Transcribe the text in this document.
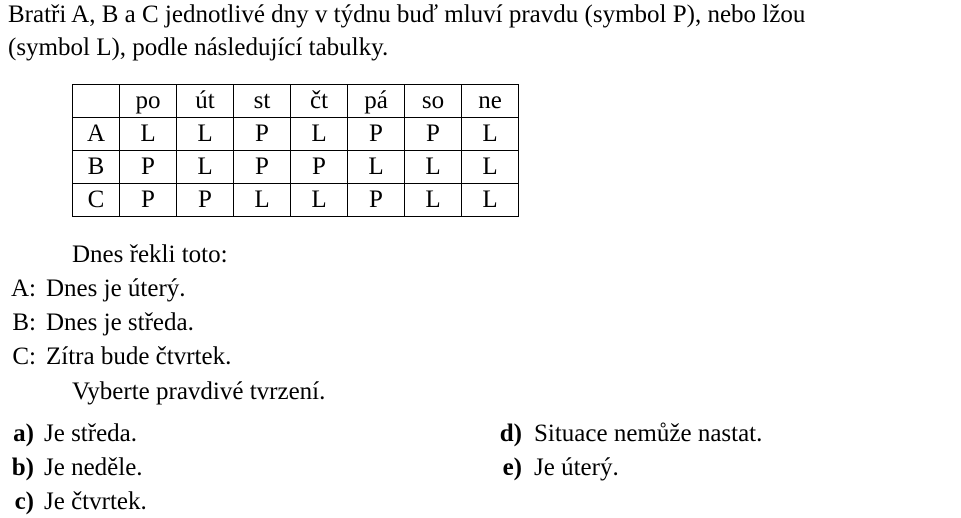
Bratři A, B a C jednotlivé dny v týdnu buď mluví pravdu (symbol P), nebo lžou
(symbol L), podle následující tabulky.
	po	út	st	čt	pá	so	ne
A	L	L	P	L	P	P	L
B	P	L	P	P	L	L	L
C	P	P	L	L	P	L	L
Dnes řekli toto:
A: Dnes je úterý.
B: Dnes je středa.
C: Zítra bude čtvrtek.
Vyberte pravdivé tvrzení.
a) Je středa.
b) Je neděle.
c) Je čtvrtek.
d) Situace nemůže nastat.
e) Je úterý.
